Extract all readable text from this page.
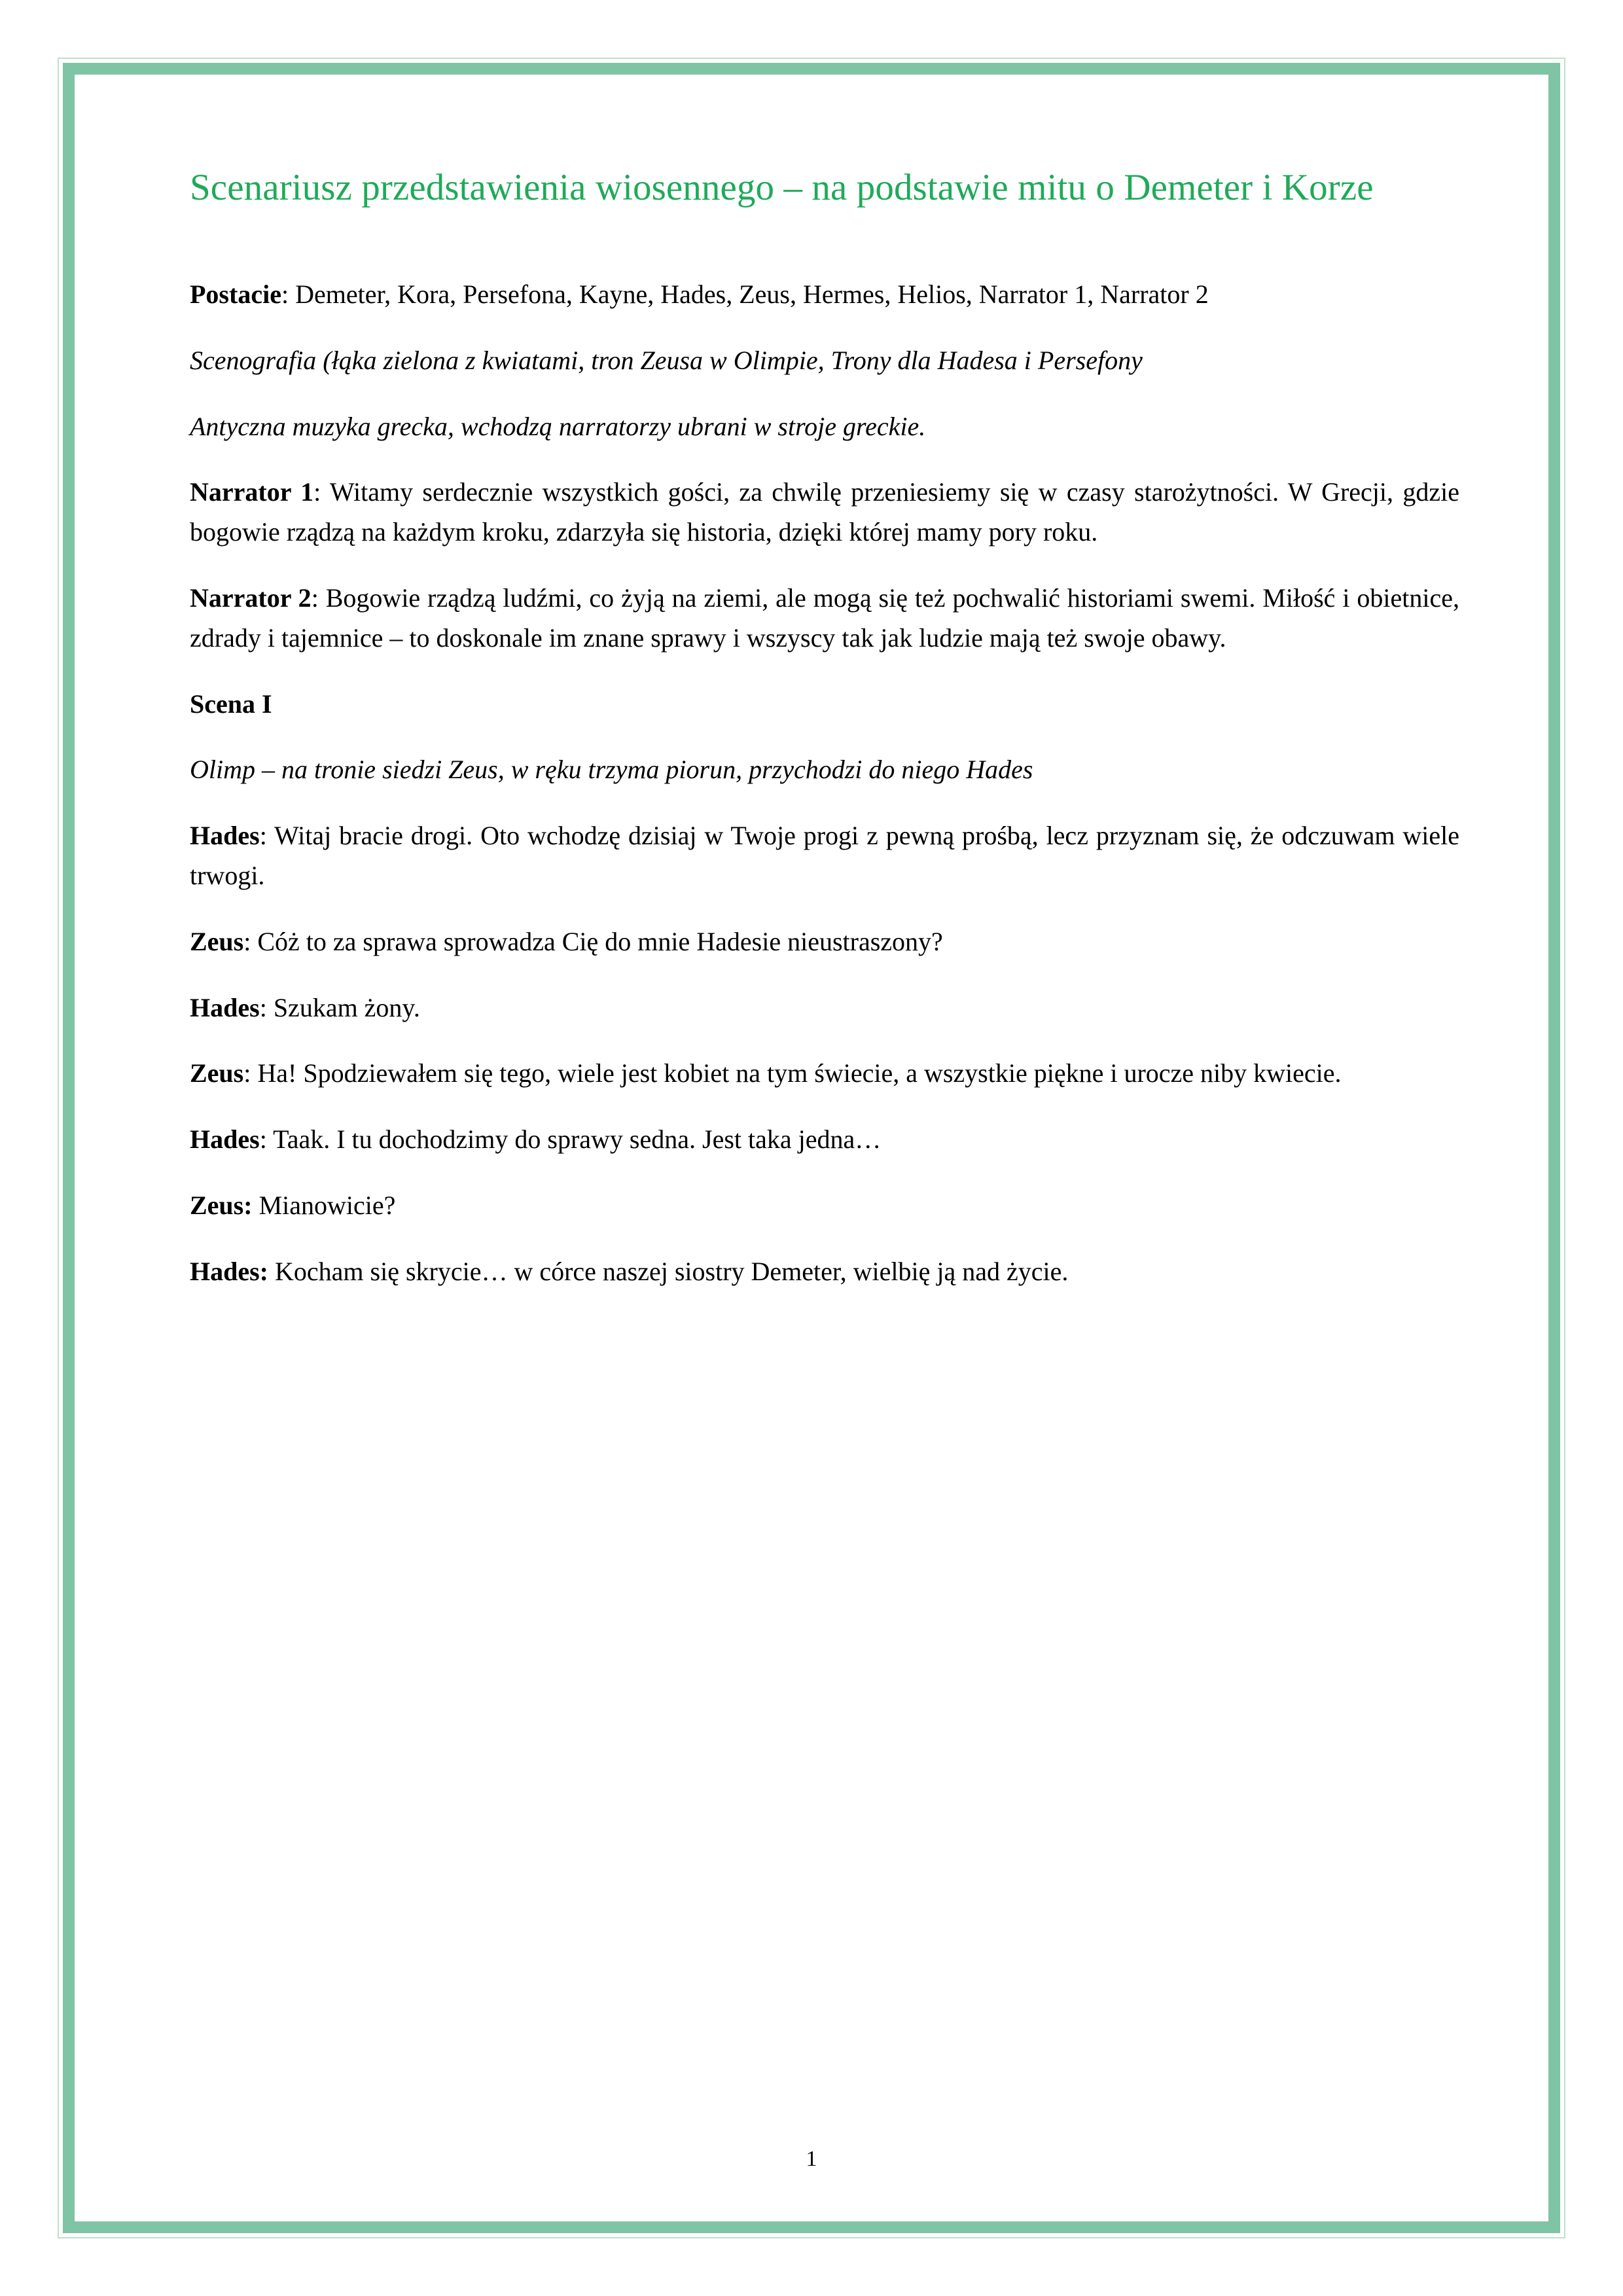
Scenariusz przedstawienia wiosennego – na podstawie mitu o Demeter i Korze

Postacie: Demeter, Kora, Persefona, Kayne, Hades, Zeus, Hermes, Helios, Narrator 1, Narrator 2

Scenografia (łąka zielona z kwiatami, tron Zeusa w Olimpie, Trony dla Hadesa i Persefony

Antyczna muzyka grecka, wchodzą narratorzy ubrani w stroje greckie.

Narrator 1: Witamy serdecznie wszystkich gości, za chwilę przeniesiemy się w czasy starożytności. W Grecji, gdzie bogowie rządzą na każdym kroku, zdarzyła się historia, dzięki której mamy pory roku.

Narrator 2: Bogowie rządzą ludźmi, co żyją na ziemi, ale mogą się też pochwalić historiami swemi. Miłość i obietnice, zdrady i tajemnice – to doskonale im znane sprawy i wszyscy tak jak ludzie mają też swoje obawy.

Scena I

Olimp – na tronie siedzi Zeus, w ręku trzyma piorun, przychodzi do niego Hades

Hades: Witaj bracie drogi. Oto wchodzę dzisiaj w Twoje progi z pewną prośbą, lecz przyznam się, że odczuwam wiele trwogi.

Zeus: Cóż to za sprawa sprowadza Cię do mnie Hadesie nieustraszony?

Hades: Szukam żony.

Zeus: Ha! Spodziewałem się tego, wiele jest kobiet na tym świecie, a wszystkie piękne i urocze niby kwiecie.

Hades: Taak. I tu dochodzimy do sprawy sedna. Jest taka jedna…

Zeus: Mianowicie?

Hades: Kocham się skrycie… w córce naszej siostry Demeter, wielbię ją nad życie.

1
